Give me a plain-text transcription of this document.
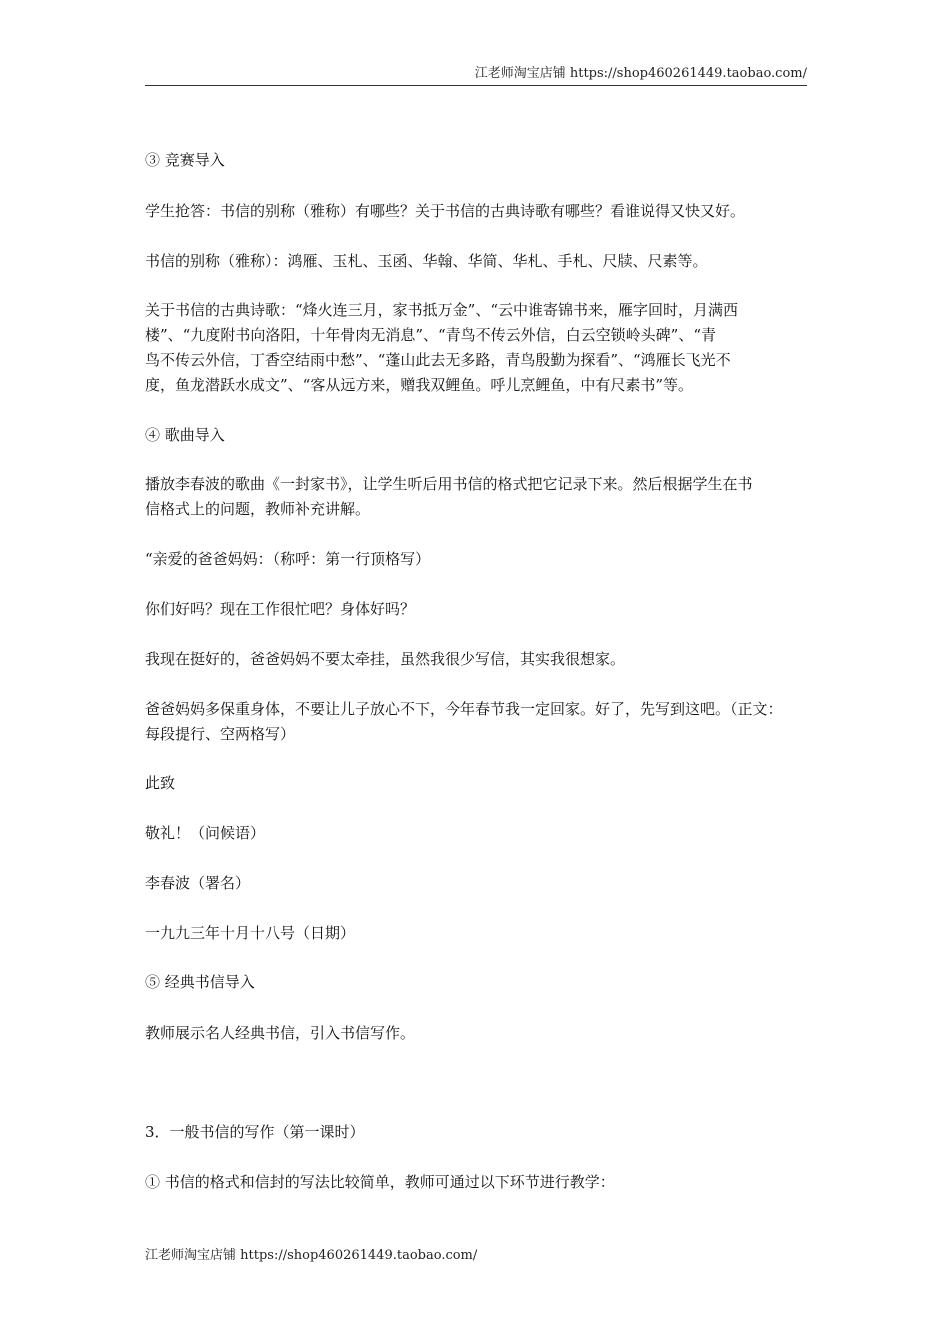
江老师淘宝店铺 https://shop460261449.taobao.com/

③ 竞赛导入

学生抢答：书信的别称（雅称）有哪些？关于书信的古典诗歌有哪些？看谁说得又快又好。

书信的别称（雅称）：鸿雁、玉札、玉函、华翰、华简、华札、手札、尺牍、尺素等。

关于书信的古典诗歌：“烽火连三月，家书抵万金”、“云中谁寄锦书来，雁字回时，月满西

楼”、“九度附书向洛阳，十年骨肉无消息”、“青鸟不传云外信，白云空锁岭头碑”、“青

鸟不传云外信，丁香空结雨中愁”、“蓬山此去无多路，青鸟殷勤为探看”、“鸿雁长飞光不

度，鱼龙潜跃水成文”、“客从远方来，赠我双鲤鱼。呼儿烹鲤鱼，中有尺素书”等。

④ 歌曲导入

播放李春波的歌曲《一封家书》，让学生听后用书信的格式把它记录下来。然后根据学生在书

信格式上的问题，教师补充讲解。

“亲爱的爸爸妈妈：（称呼：第一行顶格写）

你们好吗？现在工作很忙吧？身体好吗？

我现在挺好的，爸爸妈妈不要太牵挂，虽然我很少写信，其实我很想家。

爸爸妈妈多保重身体，不要让儿子放心不下，今年春节我一定回家。好了，先写到这吧。（正文：

每段提行、空两格写）

此致

敬礼！（问候语）

李春波（署名）

一九九三年十月十八号（日期）

⑤ 经典书信导入

教师展示名人经典书信，引入书信写作。

3．一般书信的写作（第一课时）

① 书信的格式和信封的写法比较简单，教师可通过以下环节进行教学：

江老师淘宝店铺 https://shop460261449.taobao.com/
